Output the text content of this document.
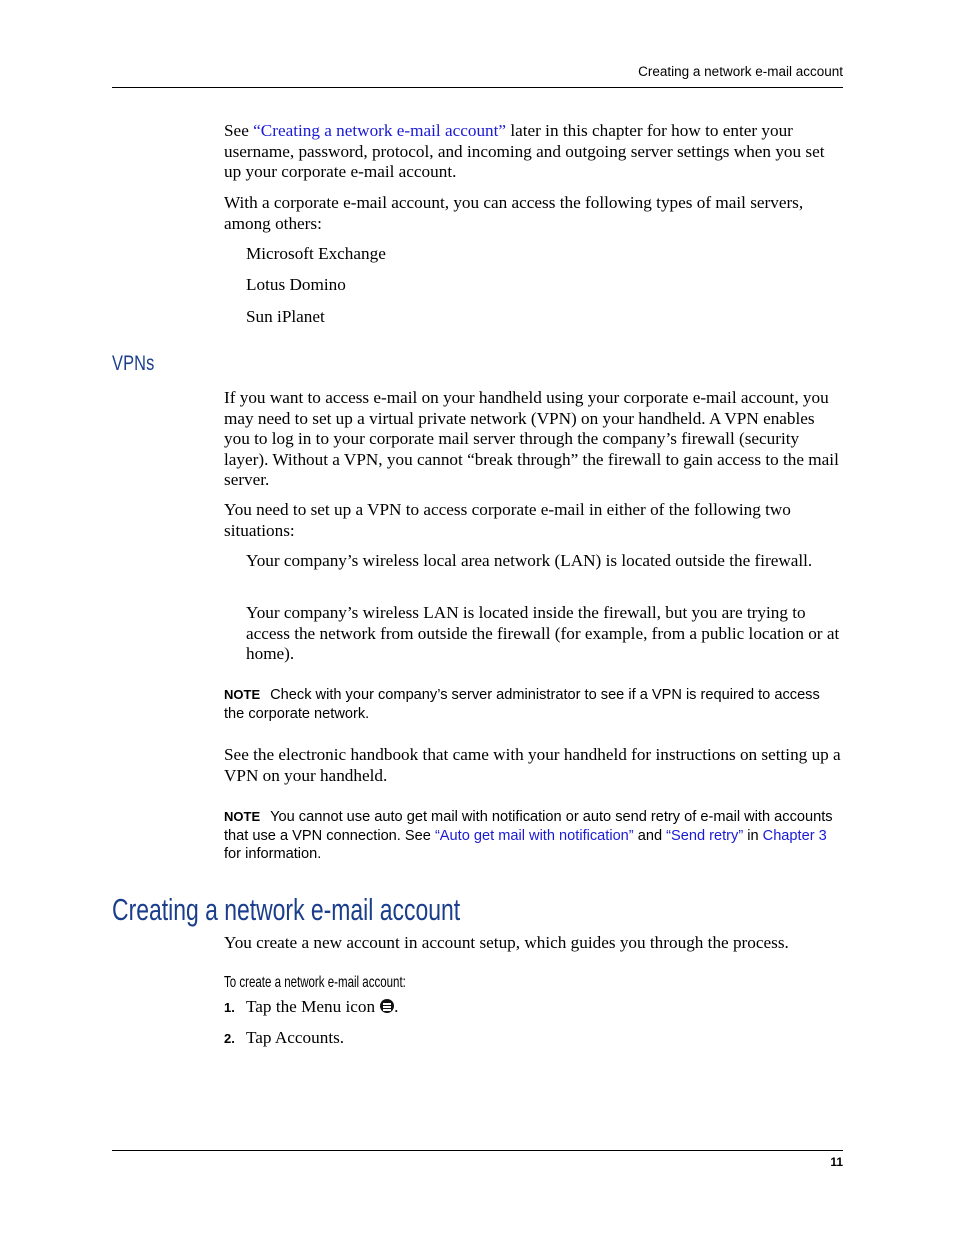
Creating a network e-mail account

See “Creating a network e-mail account” later in this chapter for how to enter your username, password, protocol, and incoming and outgoing server settings when you set up your corporate e-mail account.

With a corporate e-mail account, you can access the following types of mail servers, among others:
Microsoft Exchange
Lotus Domino
Sun iPlanet
VPNs
If you want to access e-mail on your handheld using your corporate e-mail account, you may need to set up a virtual private network (VPN) on your handheld. A VPN enables you to log in to your corporate mail server through the company’s firewall (security layer). Without a VPN, you cannot “break through” the firewall to gain access to the mail server.
You need to set up a VPN to access corporate e-mail in either of the following two situations:
Your company’s wireless local area network (LAN) is located outside the firewall.
Your company’s wireless LAN is located inside the firewall, but you are trying to access the network from outside the firewall (for example, from a public location or at home).
NOTE Check with your company’s server administrator to see if a VPN is required to access the corporate network.
See the electronic handbook that came with your handheld for instructions on setting up a VPN on your handheld.
NOTE You cannot use auto get mail with notification or auto send retry of e-mail with accounts that use a VPN connection. See “Auto get mail with notification” and “Send retry” in Chapter 3 for information.
Creating a network e-mail account
You create a new account in account setup, which guides you through the process.
To create a network e-mail account:
1. Tap the Menu icon .
2. Tap Accounts.
11
